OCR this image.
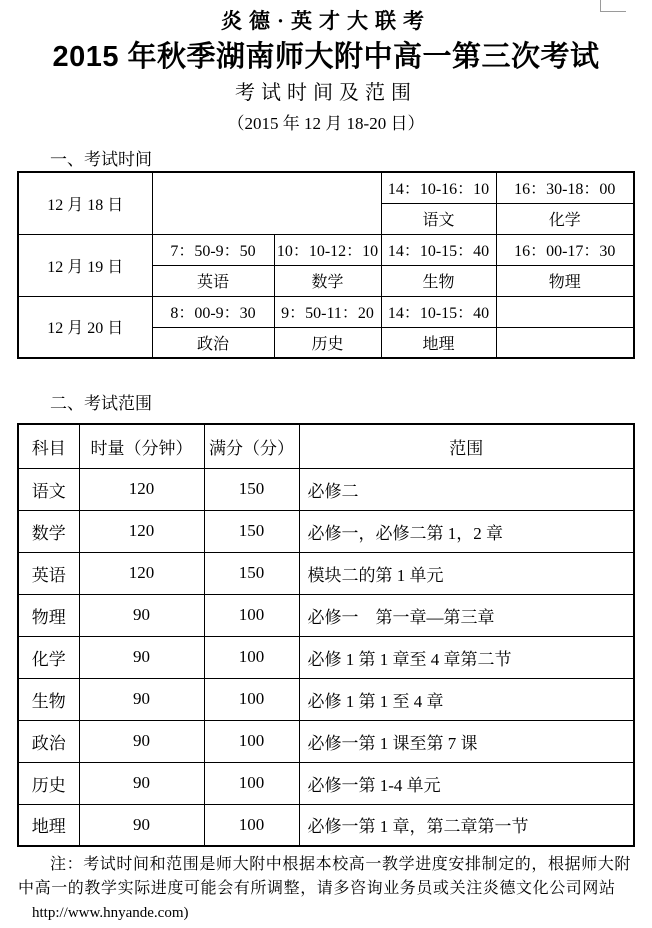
炎德·英才大联考
2015 年秋季湖南师大附中高一第三次考试
考试时间及范围
（2015 年 12 月 18-20 日）
一、考试时间
12 月 18 日			14：10-16：10	16：30-18：00
			语文	化学
12 月 19 日	7：50-9：50	10：10-12：10	14：10-15：40	16：00-17：30
	英语	数学	生物	物理
12 月 20 日	8：00-9：30	9：50-11：20	14：10-15：40	
	政治	历史	地理	
二、考试范围
科目	时量（分钟）	满分（分）	范围
语文	120	150	必修二
数学	120	150	必修一，必修二第 1，2 章
英语	120	150	模块二的第 1 单元
物理	90	100	必修一　第一章—第三章
化学	90	100	必修 1 第 1 章至 4 章第二节
生物	90	100	必修 1 第 1 至 4 章
政治	90	100	必修一第 1 课至第 7 课
历史	90	100	必修一第 1-4 单元
地理	90	100	必修一第 1 章，第二章第一节
注：考试时间和范围是师大附中根据本校高一教学进度安排制定的，根据师大附
中高一的教学实际进度可能会有所调整，请多咨询业务员或关注炎德文化公司网站
http://www.hnyande.com)
